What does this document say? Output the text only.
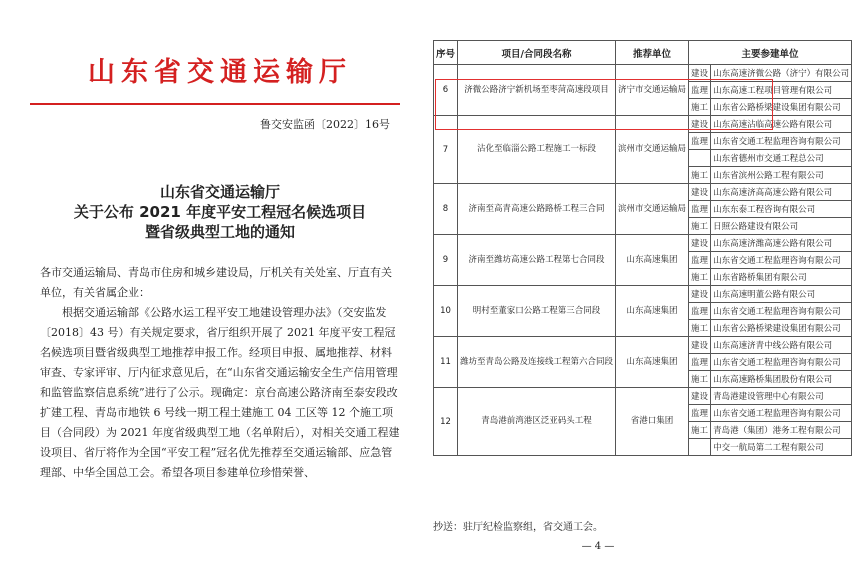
山东省交通运输厅
鲁交安监函〔2022〕16号
山东省交通运输厅
关于公布 2021 年度平安工程冠名候选项目
暨省级典型工地的通知

各市交通运输局、青岛市住房和城乡建设局，厅机关有关处室、厅直有关单位，有关省属企业：

根据交通运输部《公路水运工程平安工地建设管理办法》（交安监发〔2018〕43 号）有关规定要求，省厅组织开展了 2021 年度平安工程冠名候选项目暨省级典型工地推荐申报工作。经项目申报、属地推荐、材料审查、专家评审、厅内征求意见后，在“山东省交通运输安全生产信用管理和监管监察信息系统”进行了公示。现确定：京台高速公路济南至泰安段改扩建工程、青岛市地铁 6 号线一期工程土建施工 04 工区等 12 个施工项目（合同段）为 2021 年度省级典型工地（名单附后），对相关交通工程建设项目、省厅将作为全国“平安工程”冠名优先推荐至交通运输部、应急管理部、中华全国总工会。希望各项目参建单位珍惜荣誉、

序号	项目/合同段名称	推荐单位	主要参建单位	
6	济微公路济宁新机场至枣菏高速段项目	济宁市交通运输局	建设	山东高速济微公路（济宁）有限公司
			监理	山东高速工程项目管理有限公司
			施工	山东省公路桥梁建设集团有限公司
7	沾化至临淄公路工程施工一标段	滨州市交通运输局	建设	山东高速沾临高速公路有限公司
			监理	山东省交通工程监理咨询有限公司
				山东省德州市交通工程总公司
			施工	山东省滨州公路工程有限公司
8	济南至高青高速公路路桥工程三合同	滨州市交通运输局	建设	山东高速济高高速公路有限公司
			监理	山东东泰工程咨询有限公司
			施工	日照公路建设有限公司
9	济南至潍坊高速公路工程第七合同段	山东高速集团	建设	山东高速济潍高速公路有限公司
			监理	山东省交通工程监理咨询有限公司
			施工	山东省路桥集团有限公司
10	明村至董家口公路工程第三合同段	山东高速集团	建设	山东高速明董公路有限公司
			监理	山东省交通工程监理咨询有限公司
			施工	山东省公路桥梁建设集团有限公司
11	潍坊至青岛公路及连接线工程第六合同段	山东高速集团	建设	山东高速济青中线公路有限公司
			监理	山东省交通工程监理咨询有限公司
			施工	山东高速路桥集团股份有限公司
12	青岛港前湾港区泛亚码头工程	省港口集团	建设	青岛港建设管理中心有限公司
			监理	山东省交通工程监理咨询有限公司
			施工	青岛港（集团）港务工程有限公司
				中交一航局第二工程有限公司
抄送：驻厅纪检监察组，省交通工会。
— 4 —
